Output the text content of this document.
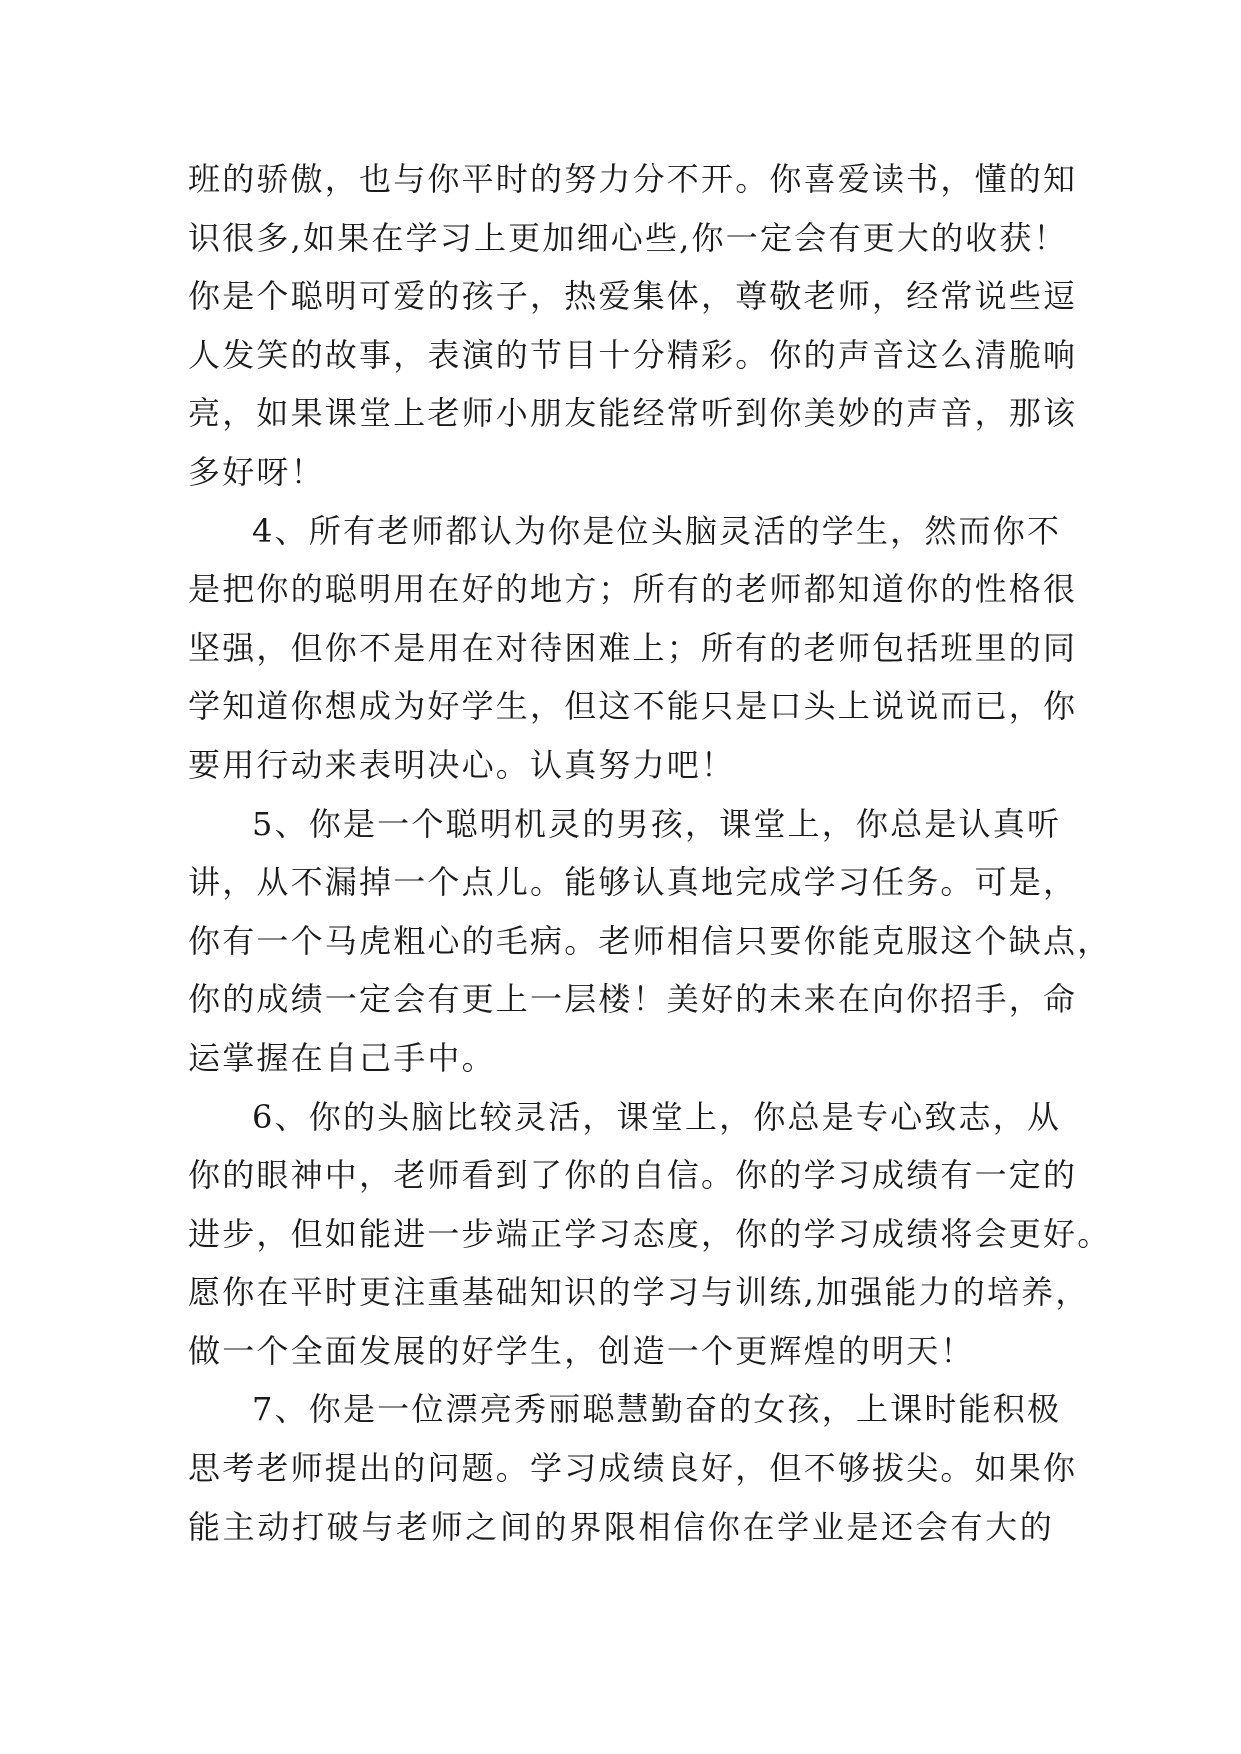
班的骄傲，也与你平时的努力分不开。你喜爱读书，懂的知
识很多,如果在学习上更加细心些,你一定会有更大的收获！
你是个聪明可爱的孩子，热爱集体，尊敬老师，经常说些逗
人发笑的故事，表演的节目十分精彩。你的声音这么清脆响
亮，如果课堂上老师小朋友能经常听到你美妙的声音，那该
多好呀！
4、所有老师都认为你是位头脑灵活的学生，然而你不
是把你的聪明用在好的地方；所有的老师都知道你的性格很
坚强，但你不是用在对待困难上；所有的老师包括班里的同
学知道你想成为好学生，但这不能只是口头上说说而已，你
要用行动来表明决心。认真努力吧！
5、你是一个聪明机灵的男孩，课堂上，你总是认真听
讲，从不漏掉一个点儿。能够认真地完成学习任务。可是，
你有一个马虎粗心的毛病。老师相信只要你能克服这个缺点，
你的成绩一定会有更上一层楼！美好的未来在向你招手，命
运掌握在自己手中。
6、你的头脑比较灵活，课堂上，你总是专心致志，从
你的眼神中，老师看到了你的自信。你的学习成绩有一定的
进步，但如能进一步端正学习态度，你的学习成绩将会更好。
愿你在平时更注重基础知识的学习与训练,加强能力的培养，
做一个全面发展的好学生，创造一个更辉煌的明天！
7、你是一位漂亮秀丽聪慧勤奋的女孩，上课时能积极
思考老师提出的问题。学习成绩良好，但不够拔尖。如果你
能主动打破与老师之间的界限相信你在学业是还会有大的
